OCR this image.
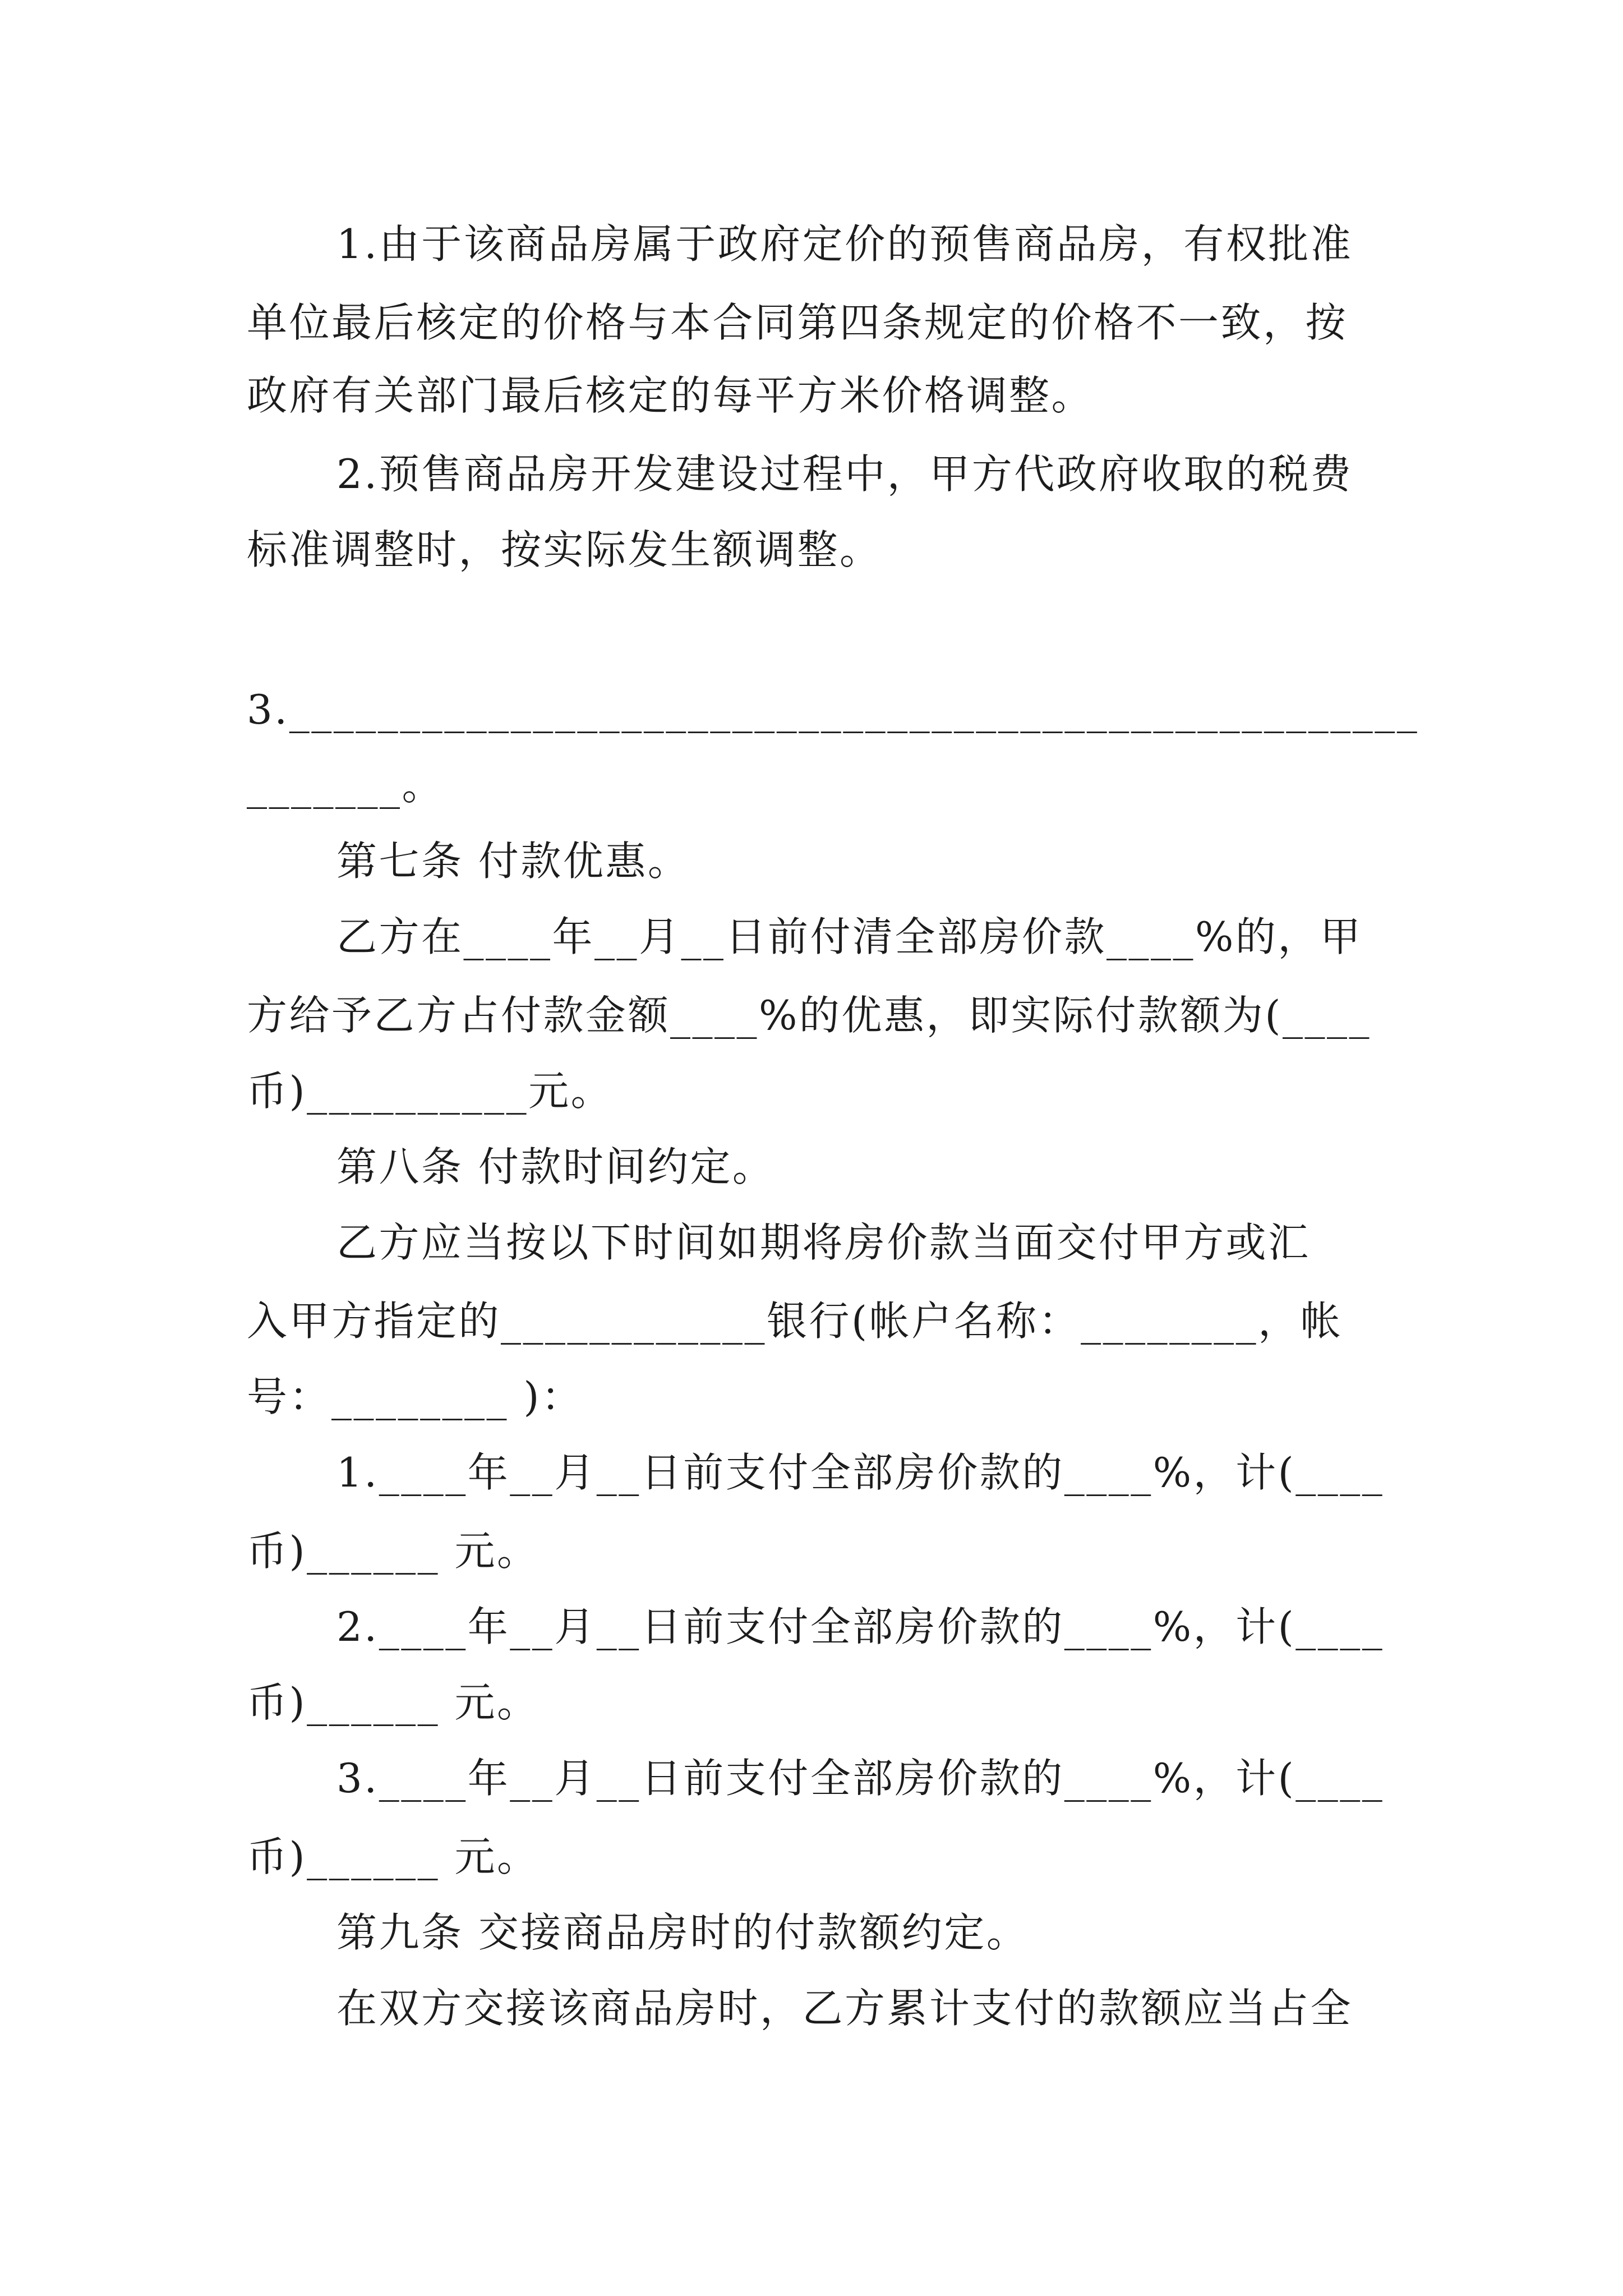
1.由于该商品房属于政府定价的预售商品房，有权批准
单位最后核定的价格与本合同第四条规定的价格不一致，按
政府有关部门最后核定的每平方米价格调整。
2.预售商品房开发建设过程中，甲方代政府收取的税费
标准调整时，按实际发生额调整。
3.___________________________________________________
_______。
第七条 付款优惠。
乙方在____年__月__日前付清全部房价款____%的，甲
方给予乙方占付款金额____%的优惠，即实际付款额为(____
币)__________元。
第八条 付款时间约定。
乙方应当按以下时间如期将房价款当面交付甲方或汇
入甲方指定的____________银行(帐户名称：________，帐
号：________ )：
1.____年__月__日前支付全部房价款的____%，计(____
币)______ 元。
2.____年__月__日前支付全部房价款的____%，计(____
币)______ 元。
3.____年__月__日前支付全部房价款的____%，计(____
币)______ 元。
第九条 交接商品房时的付款额约定。
在双方交接该商品房时，乙方累计支付的款额应当占全
